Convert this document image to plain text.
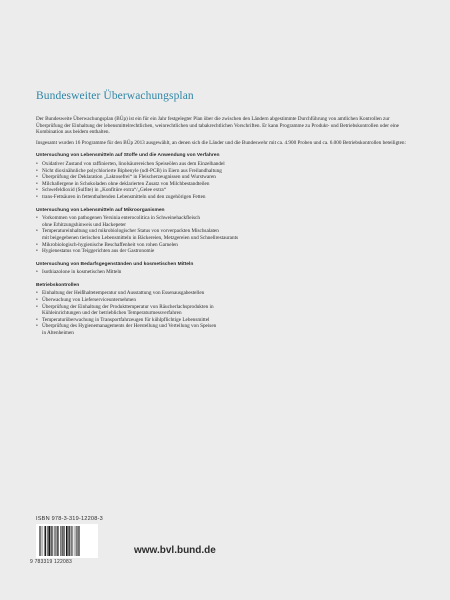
Bundesweiter Überwachungsplan

Der Bundesweite Überwachungsplan (BÜp) ist ein für ein Jahr festgelegter Plan über die zwischen den Ländern abgestimmte Durchführung von amtlichen Kontrollen zur Überprüfung der Einhaltung der lebensmittelrechtlichen, weinrechtlichen und tabakrechtlichen Vorschriften. Er kann Programme zu Produkt- und Betriebskontrollen oder eine Kombination aus beidem enthalten.

Insgesamt wurden 16 Programme für den BÜp 2013 ausgewählt, an denen sich die Länder und die Bundeswehr mit ca. 4.900 Proben und ca. 6.000 Betriebskontrollen beteiligten:

Untersuchung von Lebensmitteln auf Stoffe und die Anwendung von Verfahren
• Oxidativer Zustand von raffinierten, linolsäurereichen Speiseölen aus dem Einzelhandel
• Nicht dioxinähnliche polychlorierte Biphenyle (ndl-PCB) in Eiern aus Freilandhaltung
• Überprüfung der Deklaration „Laktosefrei“ in Fleischerzeugnissen und Wurstwaren
• Milchallergene in Schokoladen ohne deklarierten Zusatz von Milchbestandteilen
• Schwefeldioxid (Sulfite) in „Konfitüre extra“/„Gelee extra“
• trans-Fettsäuren in fettenthaltenden Lebensmitteln und den zugehörigen Fetten
Untersuchung von Lebensmitteln auf Mikroorganismen
• Vorkommen von pathogenen Yersinia enterocolitica in Schweinehackfleisch
ohne Erhitzungshinweis und Hackepeter
• Temperatureinhaltung und mikrobiologischer Status von vorverpackten Mischsalaten
mit beigegebenen tierischen Lebensmitteln in Bäckereien, Metzgereien und Schnellrestaurants
• Mikrobiologisch-hygienische Beschaffenheit von rohen Garnelen
• Hygienestatus von Teiggerichten aus der Gastronomie
Untersuchung von Bedarfsgegenständen und kosmetischen Mitteln
• Isothiazolone in kosmetischen Mitteln
Betriebskontrollen
• Einhaltung der Heißhaltetemperatur und Ausstattung von Essenausgabestellen
• Überwachung von Lieferserviceunternehmen
• Überprüfung der Einhaltung der Produkttemperatur von Räucherlachsprodukten in
Kühleinrichtungen und der betrieblichen Temperaturmessverfahren
• Temperaturüberwachung in Transportfahrzeugen für kühlpflichtige Lebensmittel
• Überprüfung des Hygienemanagements der Herstellung und Verteilung von Speisen
in Altenheimen
ISBN 978-3-319-12208-3
9 783319 122083
www.bvl.bund.de
